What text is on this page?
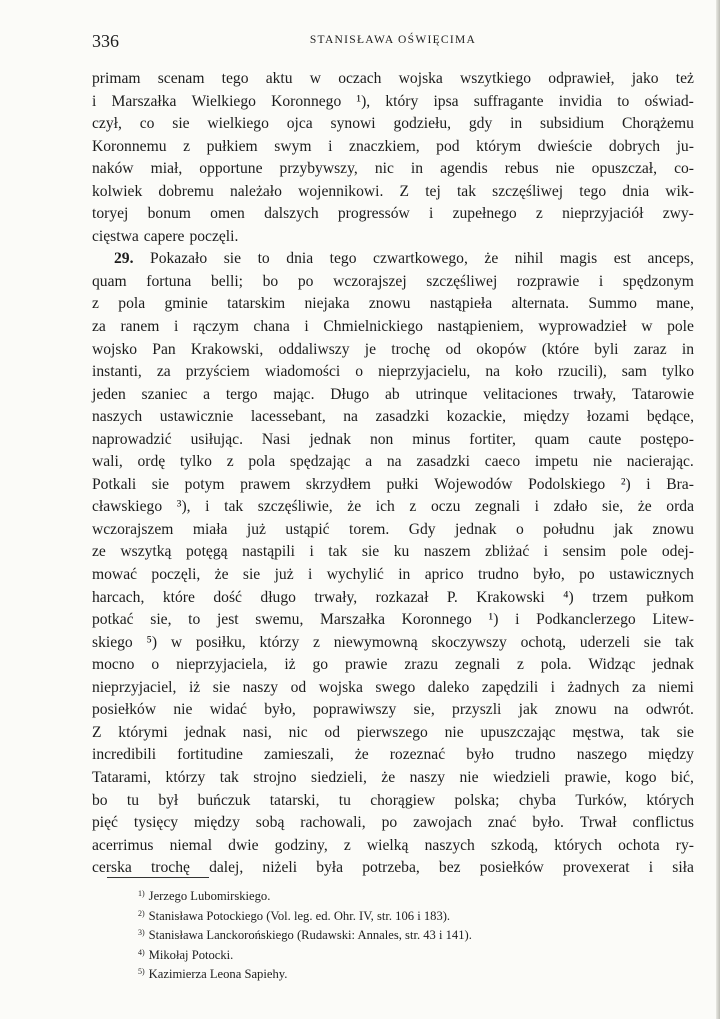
336	STANISŁAWA OŚWIĘCIMA
primam scenam tego aktu w oczach wojska wszytkiego odprawieł, jako też
i Marszałka Wielkiego Koronnego ¹), który ipsa suffragante invidia to oświad-
czył, co sie wielkiego ojca synowi godziełu, gdy in subsidium Chorążemu
Koronnemu z pułkiem swym i znaczkiem, pod którym dwieście dobrych ju-
naków miał, opportune przybywszy, nic in agendis rebus nie opuszczał, co-
kolwiek dobremu należało wojennikowi. Z tej tak szczęśliwej tego dnia wik-
toryej bonum omen dalszych progressów i zupełnego z nieprzyjaciół zwy-
cięstwa capere poczęli.
29. Pokazało sie to dnia tego czwartkowego, że nihil magis est anceps,
quam fortuna belli; bo po wczorajszej szczęśliwej rozprawie i spędzonym
z pola gminie tatarskim niejaka znowu nastąpieła alternata. Summo mane,
za ranem i rączym chana i Chmielnickiego nastąpieniem, wyprowadzieł w pole
wojsko Pan Krakowski, oddaliwszy je trochę od okopów (które byli zaraz in
instanti, za przyściem wiadomości o nieprzyjacielu, na koło rzucili), sam tylko
jeden szaniec a tergo mając. Długo ab utrinque velitaciones trwały, Tatarowie
naszych ustawicznie lacessebant, na zasadzki kozackie, między łozami będące,
naprowadzić usiłując. Nasi jednak non minus fortiter, quam caute postępo-
wali, ordę tylko z pola spędzając a na zasadzki caeco impetu nie nacierając.
Potkali sie potym prawem skrzydłem pułki Wojewodów Podolskiego ²) i Bra-
cławskiego ³), i tak szczęśliwie, że ich z oczu zegnali i zdało sie, że orda
wczorajszem miała już ustąpić torem. Gdy jednak o połudnu jak znowu
ze wszytką potęgą nastąpili i tak sie ku naszem zbliżać i sensim pole odej-
mować poczęli, że sie już i wychylić in aprico trudno było, po ustawicznych
harcach, które dość długo trwały, rozkazał P. Krakowski ⁴) trzem pułkom
potkać sie, to jest swemu, Marszałka Koronnego ¹) i Podkanclerzego Litew-
skiego ⁵) w posiłku, którzy z niewymowną skoczywszy ochotą, uderzeli sie tak
mocno o nieprzyjaciela, iż go prawie zrazu zegnali z pola. Widząc jednak
nieprzyjaciel, iż sie naszy od wojska swego daleko zapędzili i żadnych za niemi
posiełków nie widać było, poprawiwszy sie, przyszli jak znowu na odwrót.
Z którymi jednak nasi, nic od pierwszego nie upuszczając męstwa, tak sie
incredibili fortitudine zamieszali, że rozeznać było trudno naszego między
Tatarami, którzy tak strojno siedzieli, że naszy nie wiedzieli prawie, kogo bić,
bo tu był buńczuk tatarski, tu chorągiew polska; chyba Turków, których
pięć tysięcy między sobą rachowali, po zawojach znać było. Trwał conflictus
acerrimus niemal dwie godziny, z wielką naszych szkodą, których ochota ry-
cerska trochę dalej, niżeli była potrzeba, bez posiełków provexerat i siła
$^{1)}$ Jerzego Lubomirskiego.
$^{2)}$ Stanisława Potockiego (Vol. leg. ed. Ohr. IV, str. 106 i 183).
$^{3)}$ Stanisława Lanckorońskiego (Rudawski: Annales, str. 43 i 141).
$^{4)}$ Mikołaj Potocki.
$^{5)}$ Kazimierza Leona Sapiehy.
